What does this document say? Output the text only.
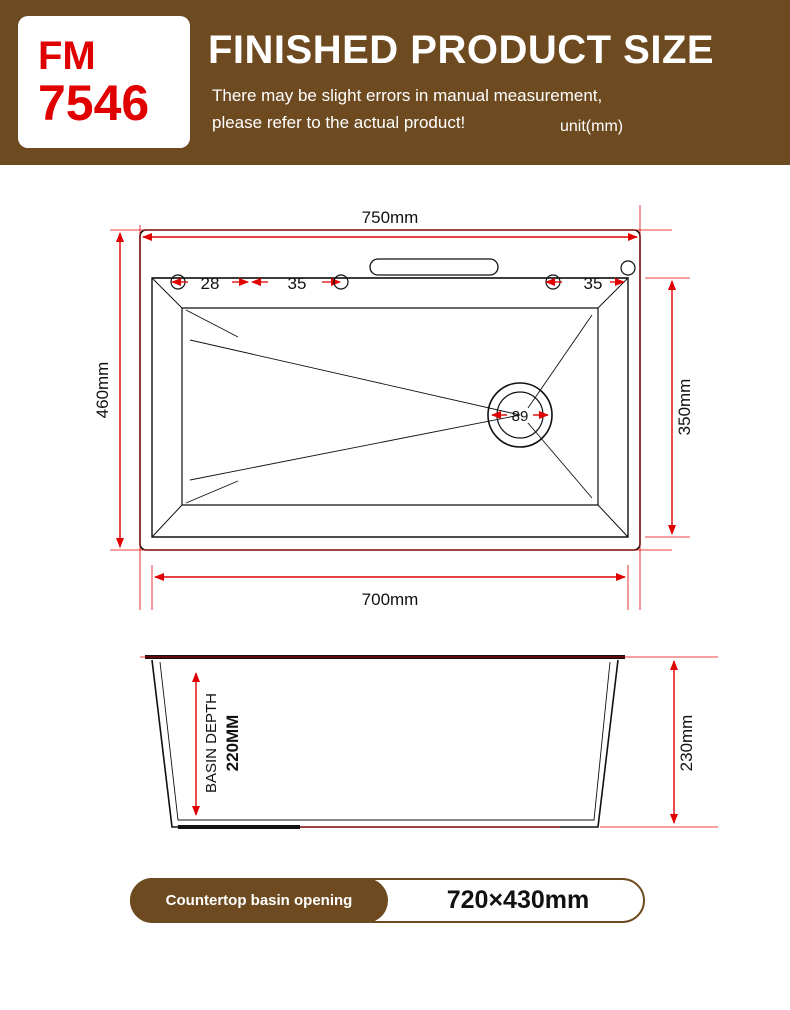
FM
7546
FINISHED PRODUCT SIZE
There may be slight errors in manual measurement,
please refer to the actual product!	unit(mm)
89
28	35	35
750mm
700mm
460mm	350mm
BASIN DEPTH 220MM	230mm
Countertop basin opening	720×430mm
